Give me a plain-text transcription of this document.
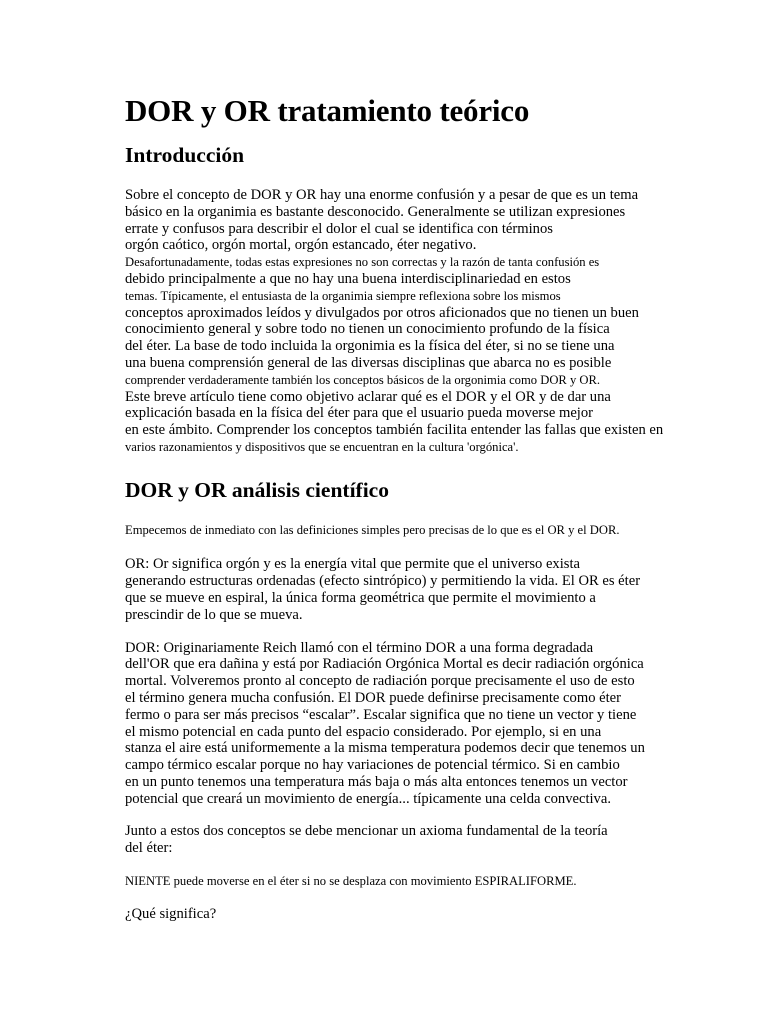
DOR y OR tratamiento teórico
Introducción
Sobre el concepto de DOR y OR hay una enorme confusión y a pesar de que es un tema
básico en la organimia es bastante desconocido. Generalmente se utilizan expresiones
errate y confusos para describir el dolor el cual se identifica con términos
orgón caótico, orgón mortal, orgón estancado, éter negativo.
Desafortunadamente, todas estas expresiones no son correctas y la razón de tanta confusión es
debido principalmente a que no hay una buena interdisciplinariedad en estos
temas. Típicamente, el entusiasta de la organimia siempre reflexiona sobre los mismos
conceptos aproximados leídos y divulgados por otros aficionados que no tienen un buen
conocimiento general y sobre todo no tienen un conocimiento profundo de la física
del éter. La base de todo incluida la orgonimia es la física del éter, si no se tiene una
una buena comprensión general de las diversas disciplinas que abarca no es posible
comprender verdaderamente también los conceptos básicos de la orgonimia como DOR y OR.
Este breve artículo tiene como objetivo aclarar qué es el DOR y el OR y de dar una
explicación basada en la física del éter para que el usuario pueda moverse mejor
en este ámbito. Comprender los conceptos también facilita entender las fallas que existen en
varios razonamientos y dispositivos que se encuentran en la cultura 'orgónica'.
DOR y OR análisis científico
Empecemos de inmediato con las definiciones simples pero precisas de lo que es el OR y el DOR.
OR: Or significa orgón y es la energía vital que permite que el universo exista
generando estructuras ordenadas (efecto sintrópico) y permitiendo la vida. El OR es éter
que se mueve en espiral, la única forma geométrica que permite el movimiento a
prescindir de lo que se mueva.
DOR: Originariamente Reich llamó con el término DOR a una forma degradada
dell'OR que era dañina y está por Radiación Orgónica Mortal es decir radiación orgónica
mortal. Volveremos pronto al concepto de radiación porque precisamente el uso de esto
el término genera mucha confusión. El DOR puede definirse precisamente como éter
fermo o para ser más precisos “escalar”. Escalar significa que no tiene un vector y tiene
el mismo potencial en cada punto del espacio considerado. Por ejemplo, si en una
stanza el aire está uniformemente a la misma temperatura podemos decir que tenemos un
campo térmico escalar porque no hay variaciones de potencial térmico. Si en cambio
en un punto tenemos una temperatura más baja o más alta entonces tenemos un vector
potencial que creará un movimiento de energía... típicamente una celda convectiva.
Junto a estos dos conceptos se debe mencionar un axioma fundamental de la teoría
del éter:
NIENTE puede moverse en el éter si no se desplaza con movimiento ESPIRALIFORME.
¿Qué significa?
